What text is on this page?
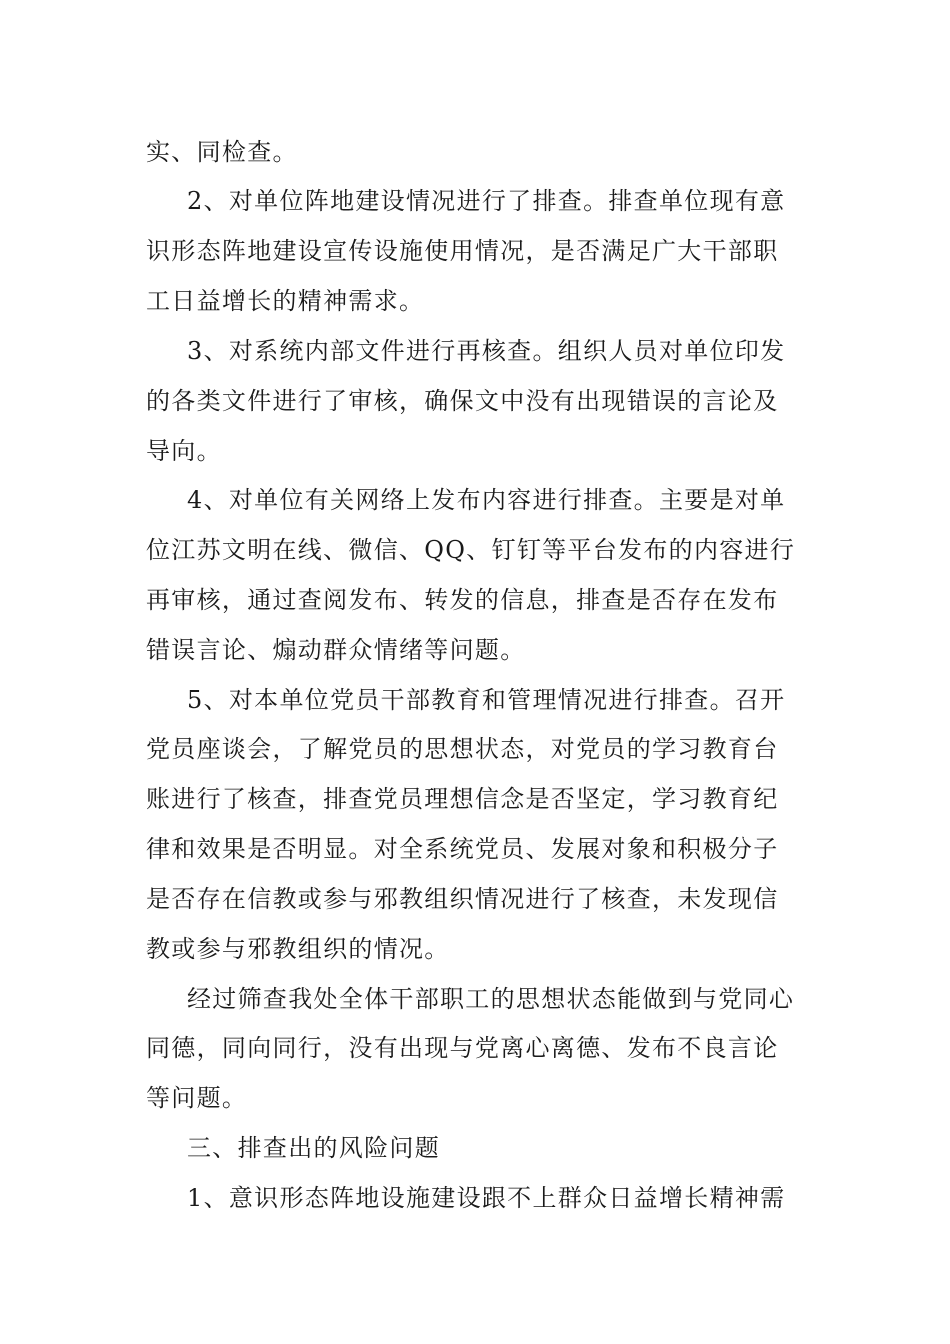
实、同检查。
2、对单位阵地建设情况进行了排查。排查单位现有意
识形态阵地建设宣传设施使用情况，是否满足广大干部职
工日益增长的精神需求。
3、对系统内部文件进行再核查。组织人员对单位印发
的各类文件进行了审核，确保文中没有出现错误的言论及
导向。
4、对单位有关网络上发布内容进行排查。主要是对单
位江苏文明在线、微信、QQ、钉钉等平台发布的内容进行
再审核，通过查阅发布、转发的信息，排查是否存在发布
错误言论、煽动群众情绪等问题。
5、对本单位党员干部教育和管理情况进行排查。召开
党员座谈会，了解党员的思想状态，对党员的学习教育台
账进行了核查，排查党员理想信念是否坚定，学习教育纪
律和效果是否明显。对全系统党员、发展对象和积极分子
是否存在信教或参与邪教组织情况进行了核查，未发现信
教或参与邪教组织的情况。
经过筛查我处全体干部职工的思想状态能做到与党同心
同德，同向同行，没有出现与党离心离德、发布不良言论
等问题。
三、排查出的风险问题
1、意识形态阵地设施建设跟不上群众日益增长精神需
